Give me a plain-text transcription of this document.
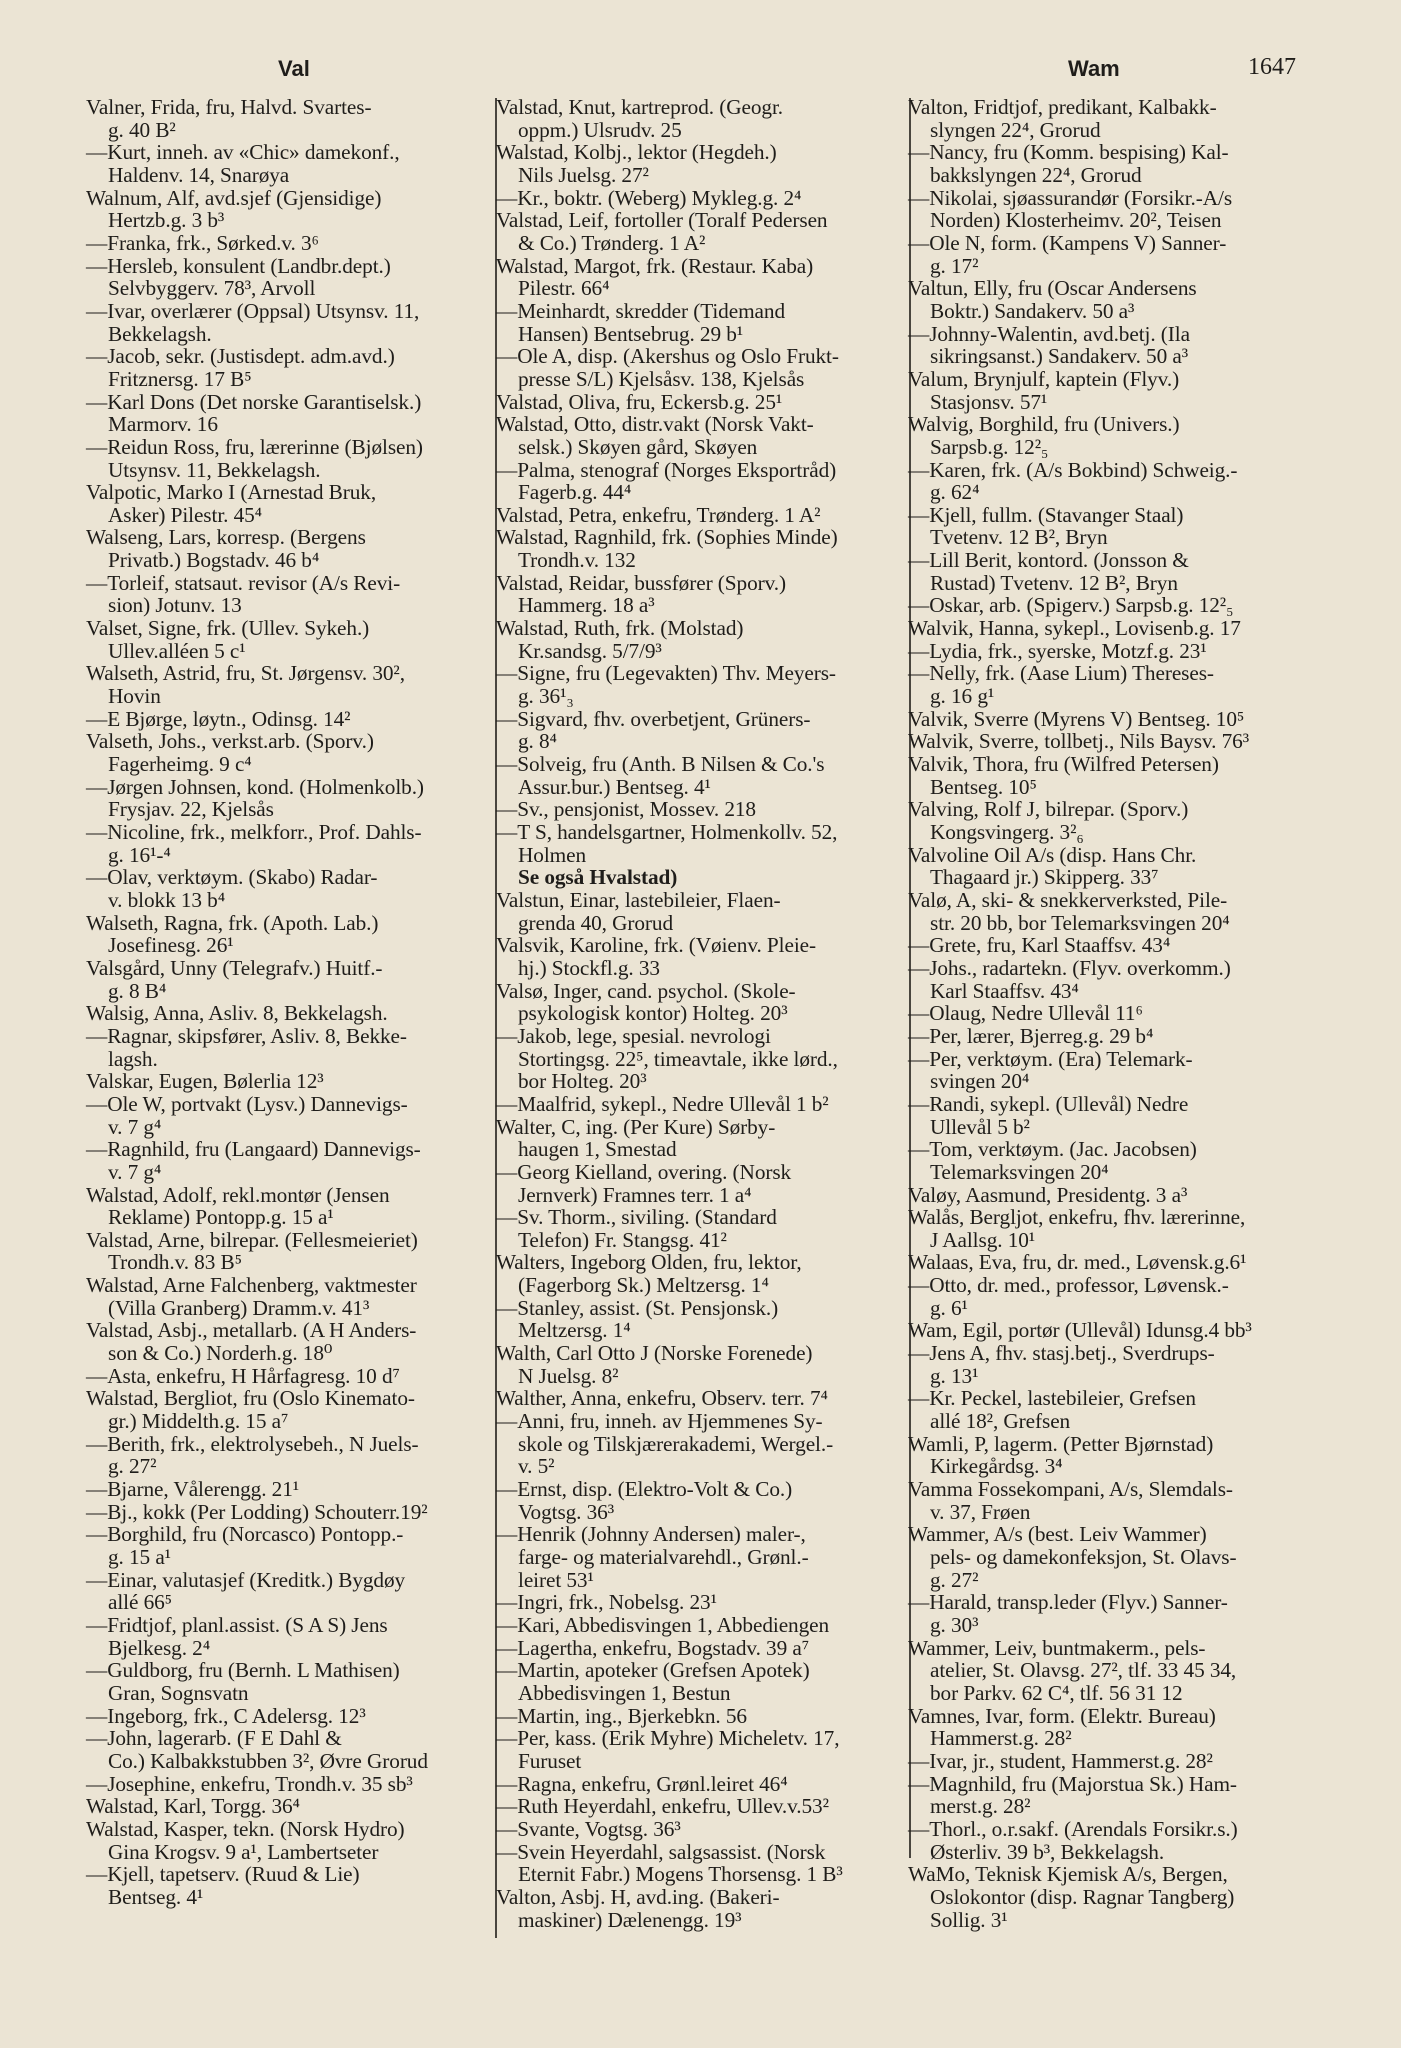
Val	Wam	1647
Valner, Frida, fru, Halvd. Svartes-
g. 40 B²
—Kurt, inneh. av «Chic» damekonf.,
Haldenv. 14, Snarøya
Walnum, Alf, avd.sjef (Gjensidige)
Hertzb.g. 3 b³
—Franka, frk., Sørked.v. 3⁶
—Hersleb, konsulent (Landbr.dept.)
Selvbyggerv. 78³, Arvoll
—Ivar, overlærer (Oppsal) Utsynsv. 11,
Bekkelagsh.
—Jacob, sekr. (Justisdept. adm.avd.)
Fritznersg. 17 B⁵
—Karl Dons (Det norske Garantiselsk.)
Marmorv. 16
—Reidun Ross, fru, lærerinne (Bjølsen)
Utsynsv. 11, Bekkelagsh.
Valpotic, Marko I (Arnestad Bruk,
Asker) Pilestr. 45⁴
Walseng, Lars, korresp. (Bergens
Privatb.) Bogstadv. 46 b⁴
—Torleif, statsaut. revisor (A/s Revi-
sion) Jotunv. 13
Valset, Signe, frk. (Ullev. Sykeh.)
Ullev.alléen 5 c¹
Walseth, Astrid, fru, St. Jørgensv. 30²,
Hovin
—E Bjørge, løytn., Odinsg. 14²
Valseth, Johs., verkst.arb. (Sporv.)
Fagerheimg. 9 c⁴
—Jørgen Johnsen, kond. (Holmenkolb.)
Frysjav. 22, Kjelsås
—Nicoline, frk., melkforr., Prof. Dahls-
g. 16¹‑⁴
—Olav, verktøym. (Skabo) Radar-
v. blokk 13 b⁴
Walseth, Ragna, frk. (Apoth. Lab.)
Josefinesg. 26¹
Valsgård, Unny (Telegrafv.) Huitf.-
g. 8 B⁴
Walsig, Anna, Asliv. 8, Bekkelagsh.
—Ragnar, skipsfører, Asliv. 8, Bekke-
lagsh.
Valskar, Eugen, Bølerlia 12³
—Ole W, portvakt (Lysv.) Dannevigs-
v. 7 g⁴
—Ragnhild, fru (Langaard) Dannevigs-
v. 7 g⁴
Walstad, Adolf, rekl.montør (Jensen
Reklame) Pontopp.g. 15 a¹
Valstad, Arne, bilrepar. (Fellesmeieriet)
Trondh.v. 83 B⁵
Walstad, Arne Falchenberg, vaktmester
(Villa Granberg) Dramm.v. 41³
Valstad, Asbj., metallarb. (A H Anders-
son & Co.) Norderh.g. 18⁰
—Asta, enkefru, H Hårfagresg. 10 d⁷
Walstad, Bergliot, fru (Oslo Kinemato-
gr.) Middelth.g. 15 a⁷
—Berith, frk., elektrolysebeh., N Juels-
g. 27²
—Bjarne, Vålerengg. 21¹
—Bj., kokk (Per Lodding) Schouterr.19²
—Borghild, fru (Norcasco) Pontopp.-
g. 15 a¹
—Einar, valutasjef (Kreditk.) Bygdøy
allé 66⁵
—Fridtjof, planl.assist. (S A S) Jens
Bjelkesg. 2⁴
—Guldborg, fru (Bernh. L Mathisen)
Gran, Sognsvatn
—Ingeborg, frk., C Adelersg. 12³
—John, lagerarb. (F E Dahl &
Co.) Kalbakkstubben 3², Øvre Grorud
—Josephine, enkefru, Trondh.v. 35 sb³
Walstad, Karl, Torgg. 36⁴
Walstad, Kasper, tekn. (Norsk Hydro)
Gina Krogsv. 9 a¹, Lambertseter
—Kjell, tapetserv. (Ruud & Lie)
Bentseg. 4¹
Valstad, Knut, kartreprod. (Geogr.
oppm.) Ulsrudv. 25
Walstad, Kolbj., lektor (Hegdeh.)
Nils Juelsg. 27²
—Kr., boktr. (Weberg) Mykleg.g. 2⁴
Valstad, Leif, fortoller (Toralf Pedersen
& Co.) Trønderg. 1 A²
Walstad, Margot, frk. (Restaur. Kaba)
Pilestr. 66⁴
—Meinhardt, skredder (Tidemand
Hansen) Bentsebrug. 29 b¹
—Ole A, disp. (Akershus og Oslo Frukt-
presse S/L) Kjelsåsv. 138, Kjelsås
Valstad, Oliva, fru, Eckersb.g. 25¹
Walstad, Otto, distr.vakt (Norsk Vakt-
selsk.) Skøyen gård, Skøyen
—Palma, stenograf (Norges Eksportråd)
Fagerb.g. 44⁴
Valstad, Petra, enkefru, Trønderg. 1 A²
Walstad, Ragnhild, frk. (Sophies Minde)
Trondh.v. 132
Valstad, Reidar, bussfører (Sporv.)
Hammerg. 18 a³
Walstad, Ruth, frk. (Molstad)
Kr.sandsg. 5/7/9³
—Signe, fru (Legevakten) Thv. Meyers-
g. 36¹₃
—Sigvard, fhv. overbetjent, Grüners-
g. 8⁴
—Solveig, fru (Anth. B Nilsen & Co.'s
Assur.bur.) Bentseg. 4¹
—Sv., pensjonist, Mossev. 218
—T S, handelsgartner, Holmenkollv. 52,
Holmen
Se også Hvalstad)
Valstun, Einar, lastebileier, Flaen-
grenda 40, Grorud
Valsvik, Karoline, frk. (Vøienv. Pleie-
hj.) Stockfl.g. 33
Valsø, Inger, cand. psychol. (Skole-
psykologisk kontor) Holteg. 20³
—Jakob, lege, spesial. nevrologi
Stortingsg. 22⁵, timeavtale, ikke lørd.,
bor Holteg. 20³
—Maalfrid, sykepl., Nedre Ullevål 1 b²
Walter, C, ing. (Per Kure) Sørby-
haugen 1, Smestad
—Georg Kielland, overing. (Norsk
Jernverk) Framnes terr. 1 a⁴
—Sv. Thorm., siviling. (Standard
Telefon) Fr. Stangsg. 41²
Walters, Ingeborg Olden, fru, lektor,
(Fagerborg Sk.) Meltzersg. 1⁴
—Stanley, assist. (St. Pensjonsk.)
Meltzersg. 1⁴
Walth, Carl Otto J (Norske Forenede)
N Juelsg. 8²
Walther, Anna, enkefru, Observ. terr. 7⁴
—Anni, fru, inneh. av Hjemmenes Sy-
skole og Tilskjærerakademi, Wergel.-
v. 5²
—Ernst, disp. (Elektro-Volt & Co.)
Vogtsg. 36³
—Henrik (Johnny Andersen) maler-,
farge- og materialvarehdl., Grønl.-
leiret 53¹
—Ingri, frk., Nobelsg. 23¹
—Kari, Abbedisvingen 1, Abbediengen
—Lagertha, enkefru, Bogstadv. 39 a⁷
—Martin, apoteker (Grefsen Apotek)
Abbedisvingen 1, Bestun
—Martin, ing., Bjerkebkn. 56
—Per, kass. (Erik Myhre) Micheletv. 17,
Furuset
—Ragna, enkefru, Grønl.leiret 46⁴
—Ruth Heyerdahl, enkefru, Ullev.v.53²
—Svante, Vogtsg. 36³
—Svein Heyerdahl, salgsassist. (Norsk
Eternit Fabr.) Mogens Thorsensg. 1 B³
Valton, Asbj. H, avd.ing. (Bakeri-
maskiner) Dælenengg. 19³
Valton, Fridtjof, predikant, Kalbakk-
slyngen 22⁴, Grorud
—Nancy, fru (Komm. bespising) Kal-
bakkslyngen 22⁴, Grorud
—Nikolai, sjøassurandør (Forsikr.-A/s
Norden) Klosterheimv. 20², Teisen
—Ole N, form. (Kampens V) Sanner-
g. 17²
Valtun, Elly, fru (Oscar Andersens
Boktr.) Sandakerv. 50 a³
—Johnny-Walentin, avd.betj. (Ila
sikringsanst.) Sandakerv. 50 a³
Valum, Brynjulf, kaptein (Flyv.)
Stasjonsv. 57¹
Walvig, Borghild, fru (Univers.)
Sarpsb.g. 12²₅
—Karen, frk. (A/s Bokbind) Schweig.-
g. 62⁴
—Kjell, fullm. (Stavanger Staal)
Tvetenv. 12 B², Bryn
—Lill Berit, kontord. (Jonsson &
Rustad) Tvetenv. 12 B², Bryn
—Oskar, arb. (Spigerv.) Sarpsb.g. 12²₅
Walvik, Hanna, sykepl., Lovisenb.g. 17
—Lydia, frk., syerske, Motzf.g. 23¹
—Nelly, frk. (Aase Lium) Thereses-
g. 16 g¹
Valvik, Sverre (Myrens V) Bentseg. 10⁵
Walvik, Sverre, tollbetj., Nils Baysv. 76³
Valvik, Thora, fru (Wilfred Petersen)
Bentseg. 10⁵
Valving, Rolf J, bilrepar. (Sporv.)
Kongsvingerg. 3²₆
Valvoline Oil A/s (disp. Hans Chr.
Thagaard jr.) Skipperg. 33⁷
Valø, A, ski- & snekkerverksted, Pile-
str. 20 bb, bor Telemarksvingen 20⁴
—Grete, fru, Karl Staaffsv. 43⁴
—Johs., radartekn. (Flyv. overkomm.)
Karl Staaffsv. 43⁴
—Olaug, Nedre Ullevål 11⁶
—Per, lærer, Bjerreg.g. 29 b⁴
—Per, verktøym. (Era) Telemark-
svingen 20⁴
—Randi, sykepl. (Ullevål) Nedre
Ullevål 5 b²
—Tom, verktøym. (Jac. Jacobsen)
Telemarksvingen 20⁴
Valøy, Aasmund, Presidentg. 3 a³
Walås, Bergljot, enkefru, fhv. lærerinne,
J Aallsg. 10¹
Walaas, Eva, fru, dr. med., Løvensk.g.6¹
—Otto, dr. med., professor, Løvensk.-
g. 6¹
Wam, Egil, portør (Ullevål) Idunsg.4 bb³
—Jens A, fhv. stasj.betj., Sverdrups-
g. 13¹
—Kr. Peckel, lastebileier, Grefsen
allé 18², Grefsen
Wamli, P, lagerm. (Petter Bjørnstad)
Kirkegårdsg. 3⁴
Vamma Fossekompani, A/s, Slemdals-
v. 37, Frøen
Wammer, A/s (best. Leiv Wammer)
pels- og damekonfeksjon, St. Olavs-
g. 27²
—Harald, transp.leder (Flyv.) Sanner-
g. 30³
Wammer, Leiv, buntmakerm., pels-
atelier, St. Olavsg. 27², tlf. 33 45 34,
bor Parkv. 62 C⁴, tlf. 56 31 12
Vamnes, Ivar, form. (Elektr. Bureau)
Hammerst.g. 28²
—Ivar, jr., student, Hammerst.g. 28²
—Magnhild, fru (Majorstua Sk.) Ham-
merst.g. 28²
—Thorl., o.r.sakf. (Arendals Forsikr.s.)
Østerliv. 39 b³, Bekkelagsh.
WaMo, Teknisk Kjemisk A/s, Bergen,
Oslokontor (disp. Ragnar Tangberg)
Sollig. 3¹
